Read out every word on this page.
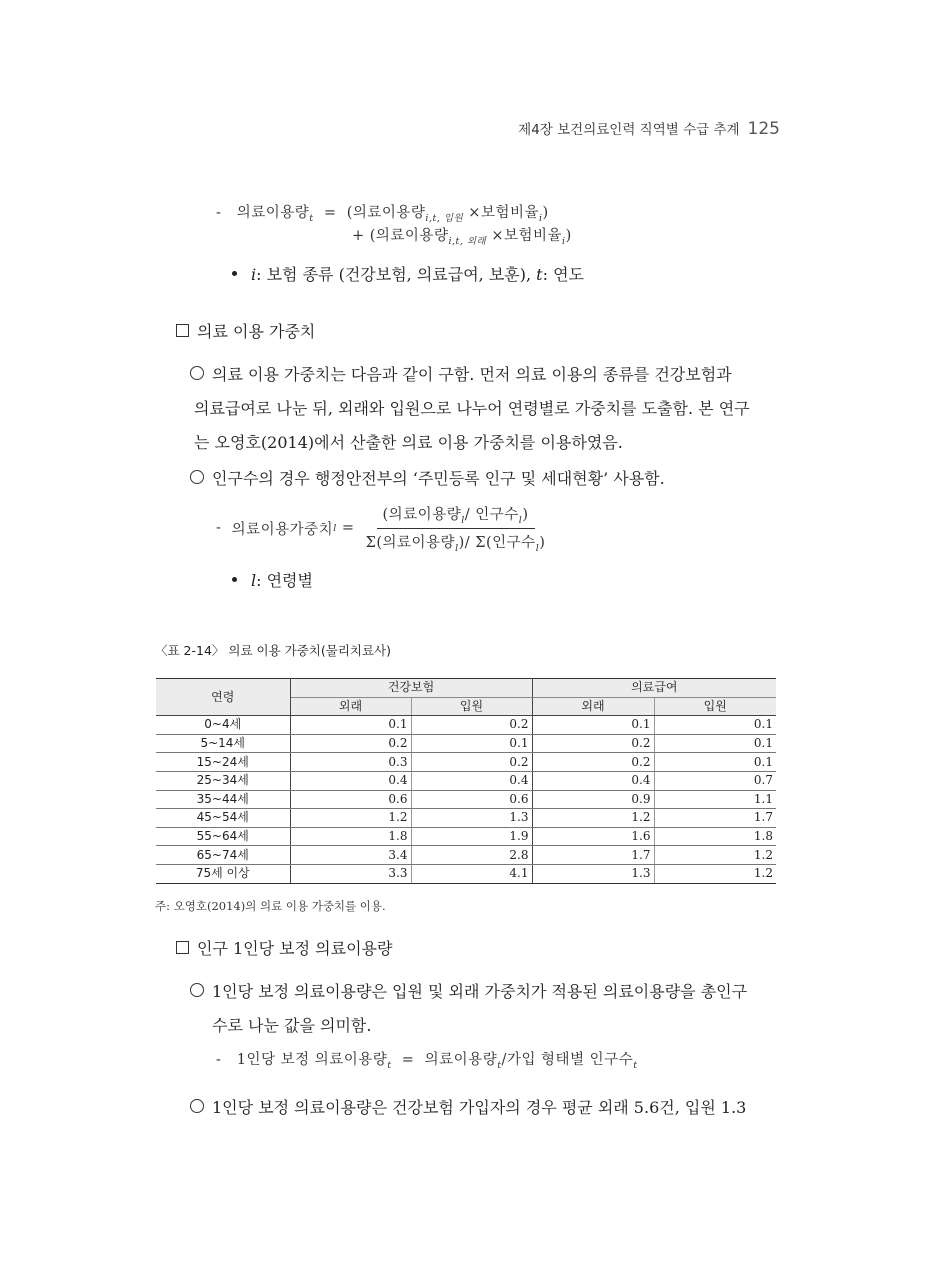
제4장 보건의료인력 직역별 수급 추계 125
- 의료이용량$_t$ = (의료이용량$_{i,t, 입원}$ ×보험비율$_i$)
+ (의료이용량$_{i,t, 외래}$ ×보험비율$_i$)
i: 보험 종류 (건강보험, 의료급여, 보훈), t: 연도
의료 이용 가중치
의료 이용 가중치는 다음과 같이 구함. 먼저 의료 이용의 종류를 건강보험과
의료급여로 나눈 뒤, 외래와 입원으로 나누어 연령별로 가중치를 도출함. 본 연구
는 오영호(2014)에서 산출한 의료 이용 가중치를 이용하였음.
인구수의 경우 행정안전부의 ‘주민등록 인구 및 세대현황’ 사용함.
-
의료이용가중치 l
=
$\frac{(의료이용량_l/ 인구수_l)}{\Sigma(의료이용량_l)/ \Sigma(인구수_l)}$
l: 연령별
〈표 2-14〉 의료 이용 가중치(물리치료사)
연령	건강보험		의료급여	
	외래	입원	외래	입원
0~4세	0.1	0.2	0.1	0.1
5~14세	0.2	0.1	0.2	0.1
15~24세	0.3	0.2	0.2	0.1
25~34세	0.4	0.4	0.4	0.7
35~44세	0.6	0.6	0.9	1.1
45~54세	1.2	1.3	1.2	1.7
55~64세	1.8	1.9	1.6	1.8
65~74세	3.4	2.8	1.7	1.2
75세 이상	3.3	4.1	1.3	1.2
주: 오영호(2014)의 의료 이용 가중치를 이용.
인구 1인당 보정 의료이용량
1인당 보정 의료이용량은 입원 및 외래 가중치가 적용된 의료이용량을 총인구
수로 나눈 값을 의미함.
- 1인당 보정 의료이용량$_t$ = 의료이용량$_t$/가입 형태별 인구수$_t$
1인당 보정 의료이용량은 건강보험 가입자의 경우 평균 외래 5.6건, 입원 1.3
